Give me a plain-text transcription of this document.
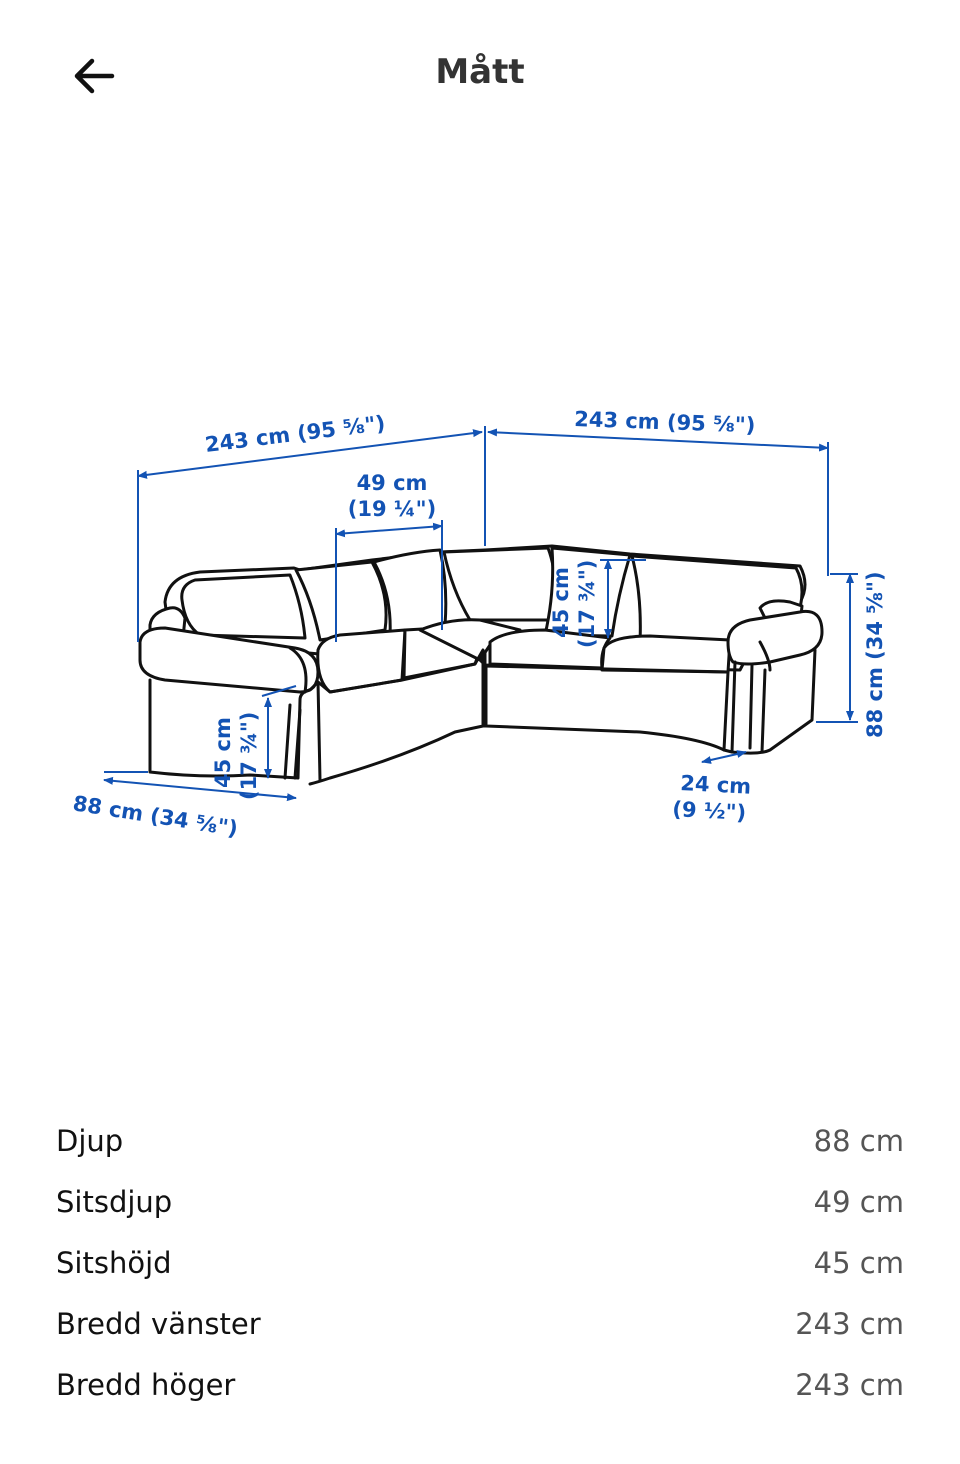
Mått
243 cm (95 ⅝")	243 cm (95 ⅝")
49 cm
(19 ¼")
45 cm (17 ¾")	88 cm (34 ⅝")
45 cm (17 ¾")
88 cm (34 ⅝")
24 cm
(9 ½")
Djup	88 cm
Sitsdjup	49 cm
Sitshöjd	45 cm
Bredd vänster	243 cm
Bredd höger	243 cm
